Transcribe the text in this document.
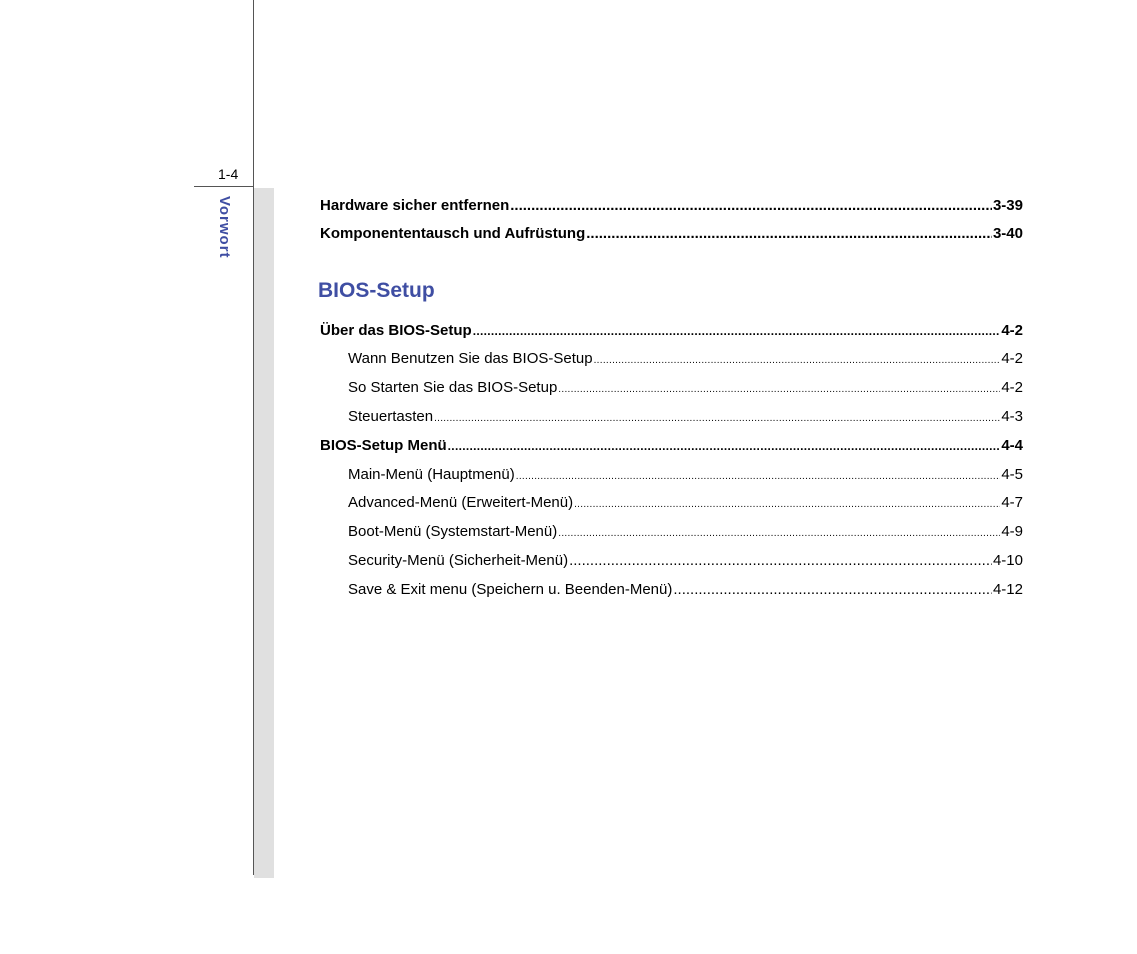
1-4
Vorwort	Hardware sicher entfernen .....	3-39
Komponententausch und Aufrüstung .....	3-40
BIOS-Setup
Über das BIOS-Setup .....	4-2
Wann Benutzen Sie das BIOS-Setup .....	4-2
So Starten Sie das BIOS-Setup .....	4-2
Steuertasten .....	4-3
BIOS-Setup Menü .....	4-4
Main-Menü (Hauptmenü) .....	4-5
Advanced-Menü (Erweitert-Menü) .....	4-7
Boot-Menü (Systemstart-Menü) .....	4-9
Security-Menü (Sicherheit-Menü) .....	4-10
Save & Exit menu (Speichern u. Beenden-Menü) .....	4-12
